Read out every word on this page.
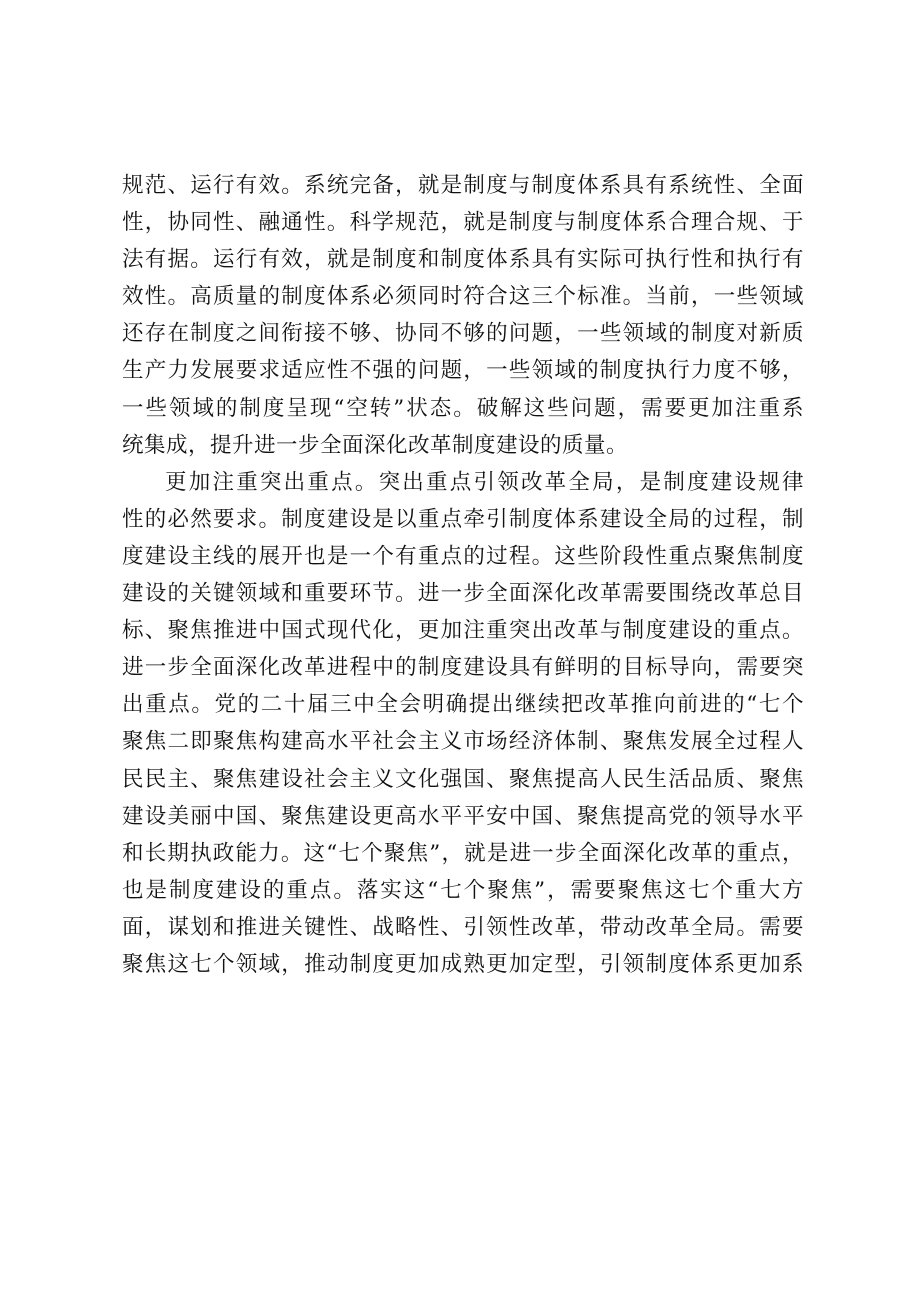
规范、运行有效。系统完备，就是制度与制度体系具有系统性、全面
性，协同性、融通性。科学规范，就是制度与制度体系合理合规、于
法有据。运行有效，就是制度和制度体系具有实际可执行性和执行有
效性。高质量的制度体系必须同时符合这三个标准。当前，一些领域
还存在制度之间衔接不够、协同不够的问题，一些领域的制度对新质
生产力发展要求适应性不强的问题，一些领域的制度执行力度不够，
一些领域的制度呈现“空转”状态。破解这些问题，需要更加注重系
统集成，提升进一步全面深化改革制度建设的质量。
更加注重突出重点。突出重点引领改革全局，是制度建设规律
性的必然要求。制度建设是以重点牵引制度体系建设全局的过程，制
度建设主线的展开也是一个有重点的过程。这些阶段性重点聚焦制度
建设的关键领域和重要环节。进一步全面深化改革需要围绕改革总目
标、聚焦推进中国式现代化，更加注重突出改革与制度建设的重点。
进一步全面深化改革进程中的制度建设具有鲜明的目标导向，需要突
出重点。党的二十届三中全会明确提出继续把改革推向前进的“七个
聚焦二即聚焦构建高水平社会主义市场经济体制、聚焦发展全过程人
民民主、聚焦建设社会主义文化强国、聚焦提高人民生活品质、聚焦
建设美丽中国、聚焦建设更高水平平安中国、聚焦提高党的领导水平
和长期执政能力。这“七个聚焦”，就是进一步全面深化改革的重点，
也是制度建设的重点。落实这“七个聚焦”，需要聚焦这七个重大方
面，谋划和推进关键性、战略性、引领性改革，带动改革全局。需要
聚焦这七个领域，推动制度更加成熟更加定型，引领制度体系更加系
